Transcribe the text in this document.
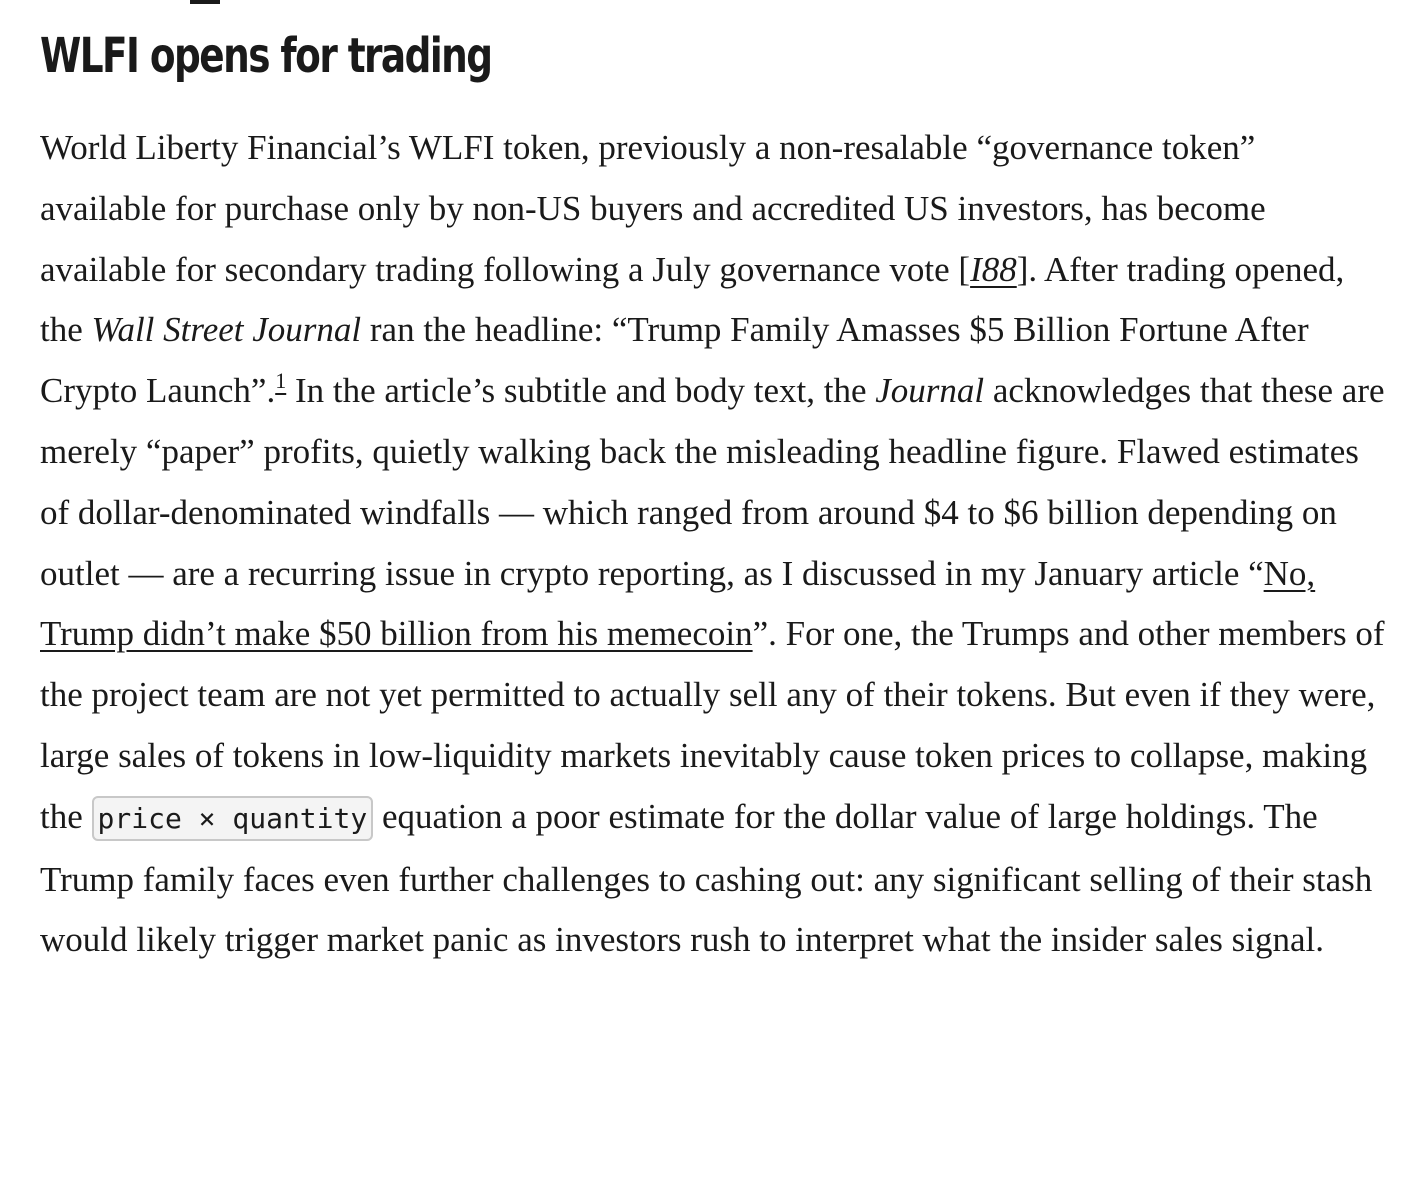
WLFI opens for trading

World Liberty Financial’s WLFI token, previously a non-resalable “governance token” available for purchase only by non-US buyers and accredited US investors, has become available for secondary trading following a July governance vote [I88]. After trading opened, the Wall Street Journal ran the headline: “Trump Family Amasses $5 Billion Fortune After Crypto Launch”.$^1$ In the article’s subtitle and body text, the Journal acknowledges that these are merely “paper” profits, quietly walking back the misleading headline figure. Flawed estimates of dollar-denominated windfalls — which ranged from around $4 to $6 billion depending on outlet — are a recurring issue in crypto reporting, as I discussed in my January article “No, Trump didn’t make $50 billion from his memecoin”. For one, the Trumps and other members of the project team are not yet permitted to actually sell any of their tokens. But even if they were, large sales of tokens in low-liquidity markets inevitably cause token prices to collapse, making the price × quantity equation a poor estimate for the dollar value of large holdings. The Trump family faces even further challenges to cashing out: any significant selling of their stash would likely trigger market panic as investors rush to interpret what the insider sales signal.
